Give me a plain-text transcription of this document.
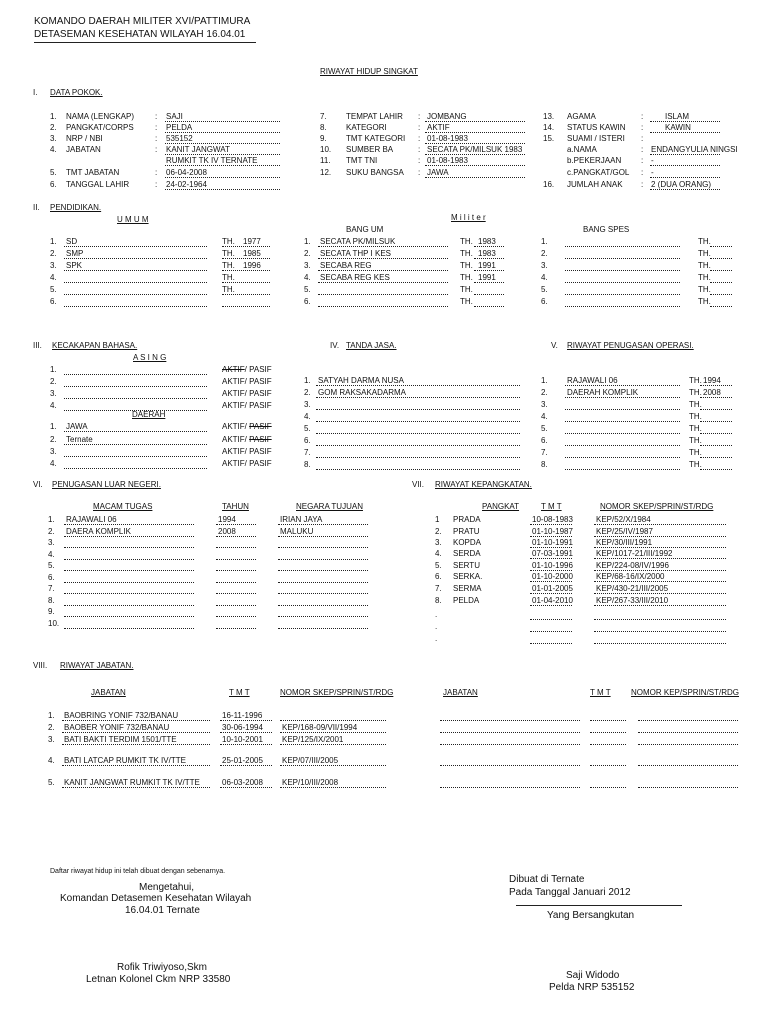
KOMANDO DAERAH MILITER XVI/PATTIMURA
DETASEMAN KESEHATAN WILAYAH 16.04.01
RIWAYAT HIDUP SINGKAT
I. DATA POKOK.
1. NAMA (LENGKAP)	: SAJI
2. PANGKAT/CORPS	: PELDA
3. NRP / NBI	: 535152
4. JABATAN	: KANIT JANGWAT
RUMKIT TK IV TERNATE
5. TMT JABATAN	: 06-04-2008
6. TANGGAL LAHIR	: 24-02-1964
7. TEMPAT LAHIR : JOMBANG
8. KATEGORI	: AKTIF
9. TMT KATEGORI : 01-08-1983
10. SUMBER BA	: SECATA PK/MILSUK 1983
11. TMT TNI	: 01-08-1983
12. SUKU BANGSA : JAWA
13. AGAMA	:	ISLAM
14. STATUS KAWIN :	KAWIN
15. SUAMI / ISTERI :
a.NAMA	: ENDANGYULIA NINGSI
b.PEKERJAAN : -
c.PANGKAT/GOL : -
16. JUMLAH ANAK : 2 (DUA ORANG)
II. PENDIDIKAN.
U M U M	M i l i t e r
BANG UM	BANG SPES
1. SD	TH. 1977
2. SMP	TH. 1985
3. SPK	TH. 1996
4.	TH.
5.	TH.
6.
1. SECATA PK/MILSUK	TH. 1983
2. SECATA THP I KES	TH. 1983
3. SECABA REG	TH. 1991
4. SECABA REG KES	TH. 1991
5.	TH.
6.	TH.
1.	TH.
2.	TH.
3.	TH.
4.	TH.
5.	TH.
6.	TH.
III. KECAKAPAN BAHASA.
A S I N G
1.	AKTIF/ PASIF
2.	AKTIF/ PASIF
3.	AKTIF/ PASIF
4.	AKTIF/ PASIF
DAERAH
1. JAWA	AKTIF/ PASIF
2. Ternate	AKTIF/ PASIF
3.	AKTIF/ PASIF
4.	AKTIF/ PASIF
IV. TANDA JASA.
1. SATYAH DARMA NUSA
2. GOM RAKSAKADARMA
3.
4.
5.
6.
7.
8.
V. RIWAYAT PENUGASAN OPERASI.
1. RAJAWALI 06	TH. 1994
2. DAERAH KOMPLIK	TH. 2008
3.	TH.
4.	TH.
5.	TH.
6.	TH.
7.	TH.
8.	TH.
VI. PENUGASAN LUAR NEGERI.
MACAM TUGAS	TAHUN	NEGARA TUJUAN
1. RAJAWALI 06	1994	IRIAN JAYA
2. DAERA KOMPLIK	2008	MALUKU
3.
4.
5.
6.
7.
8.
9.
10.
VII. RIWAYAT KEPANGKATAN.
PANGKAT	T M T	NOMOR SKEP/SPRIN/ST/RDG
1 PRADA	10-08-1983	KEP/52/X/1984
2. PRATU	01-10-1987	KEP/25/IV/1987
3. KOPDA	01-10-1991	KEP/30/III/1991
4. SERDA	07-03-1991	KEP/1017-21/III/1992
5. SERTU	01-10-1996	KEP/224-08/IV/1996
6. SERKA.	01-10-2000	KEP/68-16/IX/2000
7. SERMA	01-01-2005	KEP/430-21/III/2005
8. PELDA	01-04-2010	KEP/267-33/III/2010
.
.
.
VIII. RIWAYAT JABATAN.
JABATAN	T M T	NOMOR SKEP/SPRIN/ST/RDG	JABATAN	T M T	NOMOR KEP/SPRIN/ST/RDG
1. BAOBRING YONIF 732/BANAU	16-11-1996
2. BAOBER YONIF 732/BANAU	30-06-1994 KEP/168-09/VII/1994
3. BATI BAKTI TERDIM 1501/TTE	10-10-2001 KEP/125/IX/2001
4. BATI LATCAP RUMKIT TK IV/TTE	25-01-2005 KEP/07/III/2005
5. KANIT JANGWAT RUMKIT TK IV/TTE	06-03-2008 KEP/10/III/2008
Daftar riwayat hidup ini telah dibuat dengan sebenarnya.
Mengetahui,
Komandan Detasemen Kesehatan Wilayah
16.04.01 Ternate
Dibuat di Ternate
Pada Tanggal Januari 2012
Yang Bersangkutan
Rofik Triwiyoso,Skm
Letnan Kolonel Ckm NRP 33580	Saji Widodo
Pelda NRP 535152
